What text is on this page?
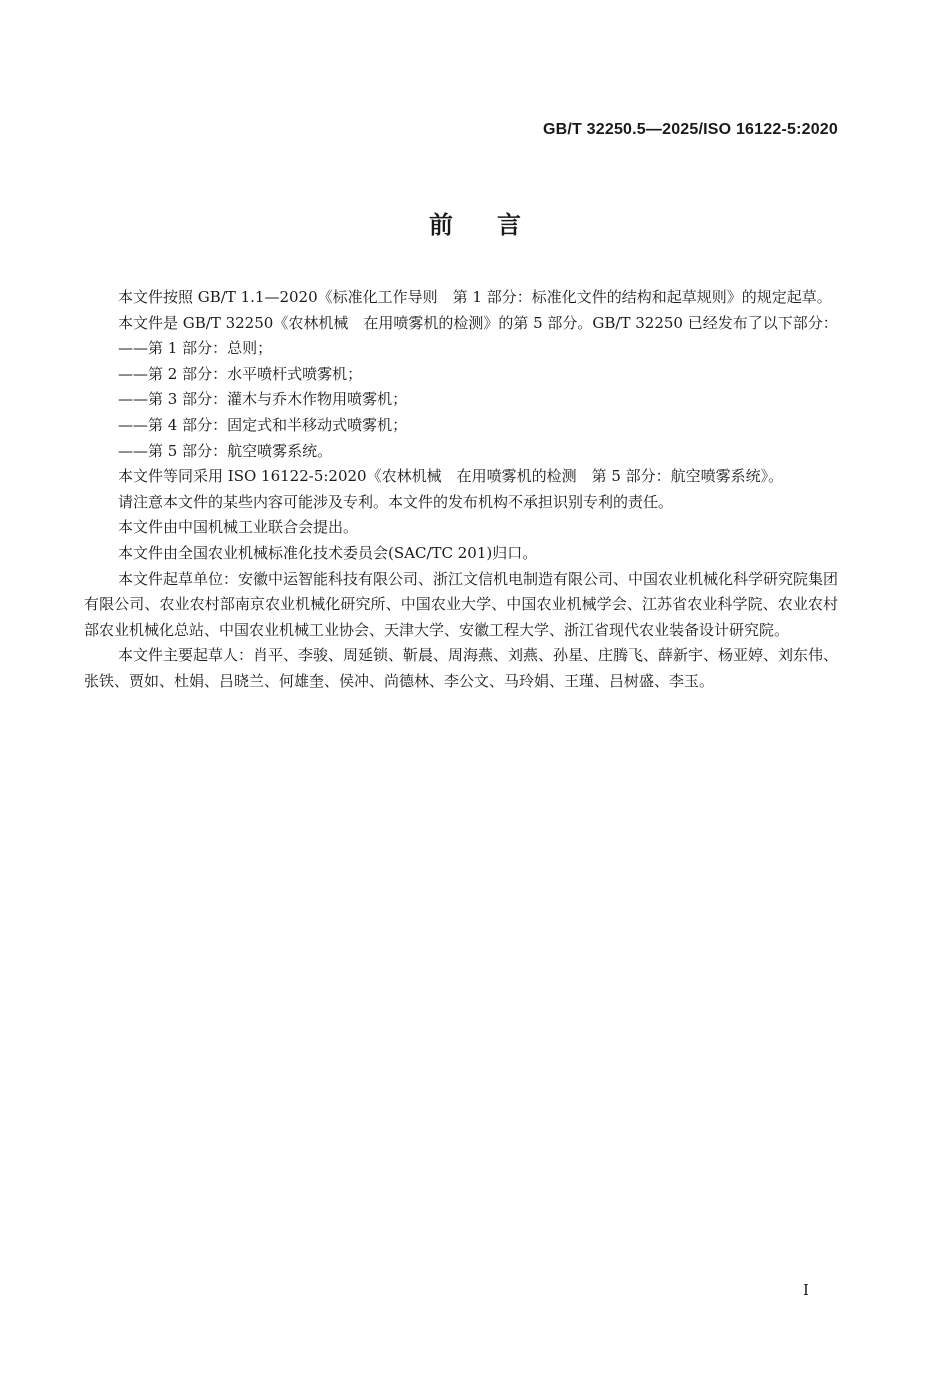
GB/T 32250.5—2025/ISO 16122-5:2020
前言

本文件按照 GB/T 1.1—2020《标准化工作导则　第 1 部分：标准化文件的结构和起草规则》的规定起草。

本文件是 GB/T 32250《农林机械　在用喷雾机的检测》的第 5 部分。GB/T 32250 已经发布了以下部分：

——第 1 部分：总则；
——第 2 部分：水平喷杆式喷雾机；
——第 3 部分：灌木与乔木作物用喷雾机；
——第 4 部分：固定式和半移动式喷雾机；
——第 5 部分：航空喷雾系统。

本文件等同采用 ISO 16122-5:2020《农林机械　在用喷雾机的检测　第 5 部分：航空喷雾系统》。

请注意本文件的某些内容可能涉及专利。本文件的发布机构不承担识别专利的责任。

本文件由中国机械工业联合会提出。

本文件由全国农业机械标准化技术委员会(SAC/TC 201)归口。

本文件起草单位：安徽中运智能科技有限公司、浙江文信机电制造有限公司、中国农业机械化科学研究院集团有限公司、农业农村部南京农业机械化研究所、中国农业大学、中国农业机械学会、江苏省农业科学院、农业农村部农业机械化总站、中国农业机械工业协会、天津大学、安徽工程大学、浙江省现代农业装备设计研究院。

本文件主要起草人：肖平、李骏、周延锁、靳晨、周海燕、刘燕、孙星、庄腾飞、薛新宇、杨亚婷、刘东伟、张铁、贾如、杜娟、吕晓兰、何雄奎、侯冲、尚德林、李公文、马玲娟、王瑾、吕树盛、李玉。

I
